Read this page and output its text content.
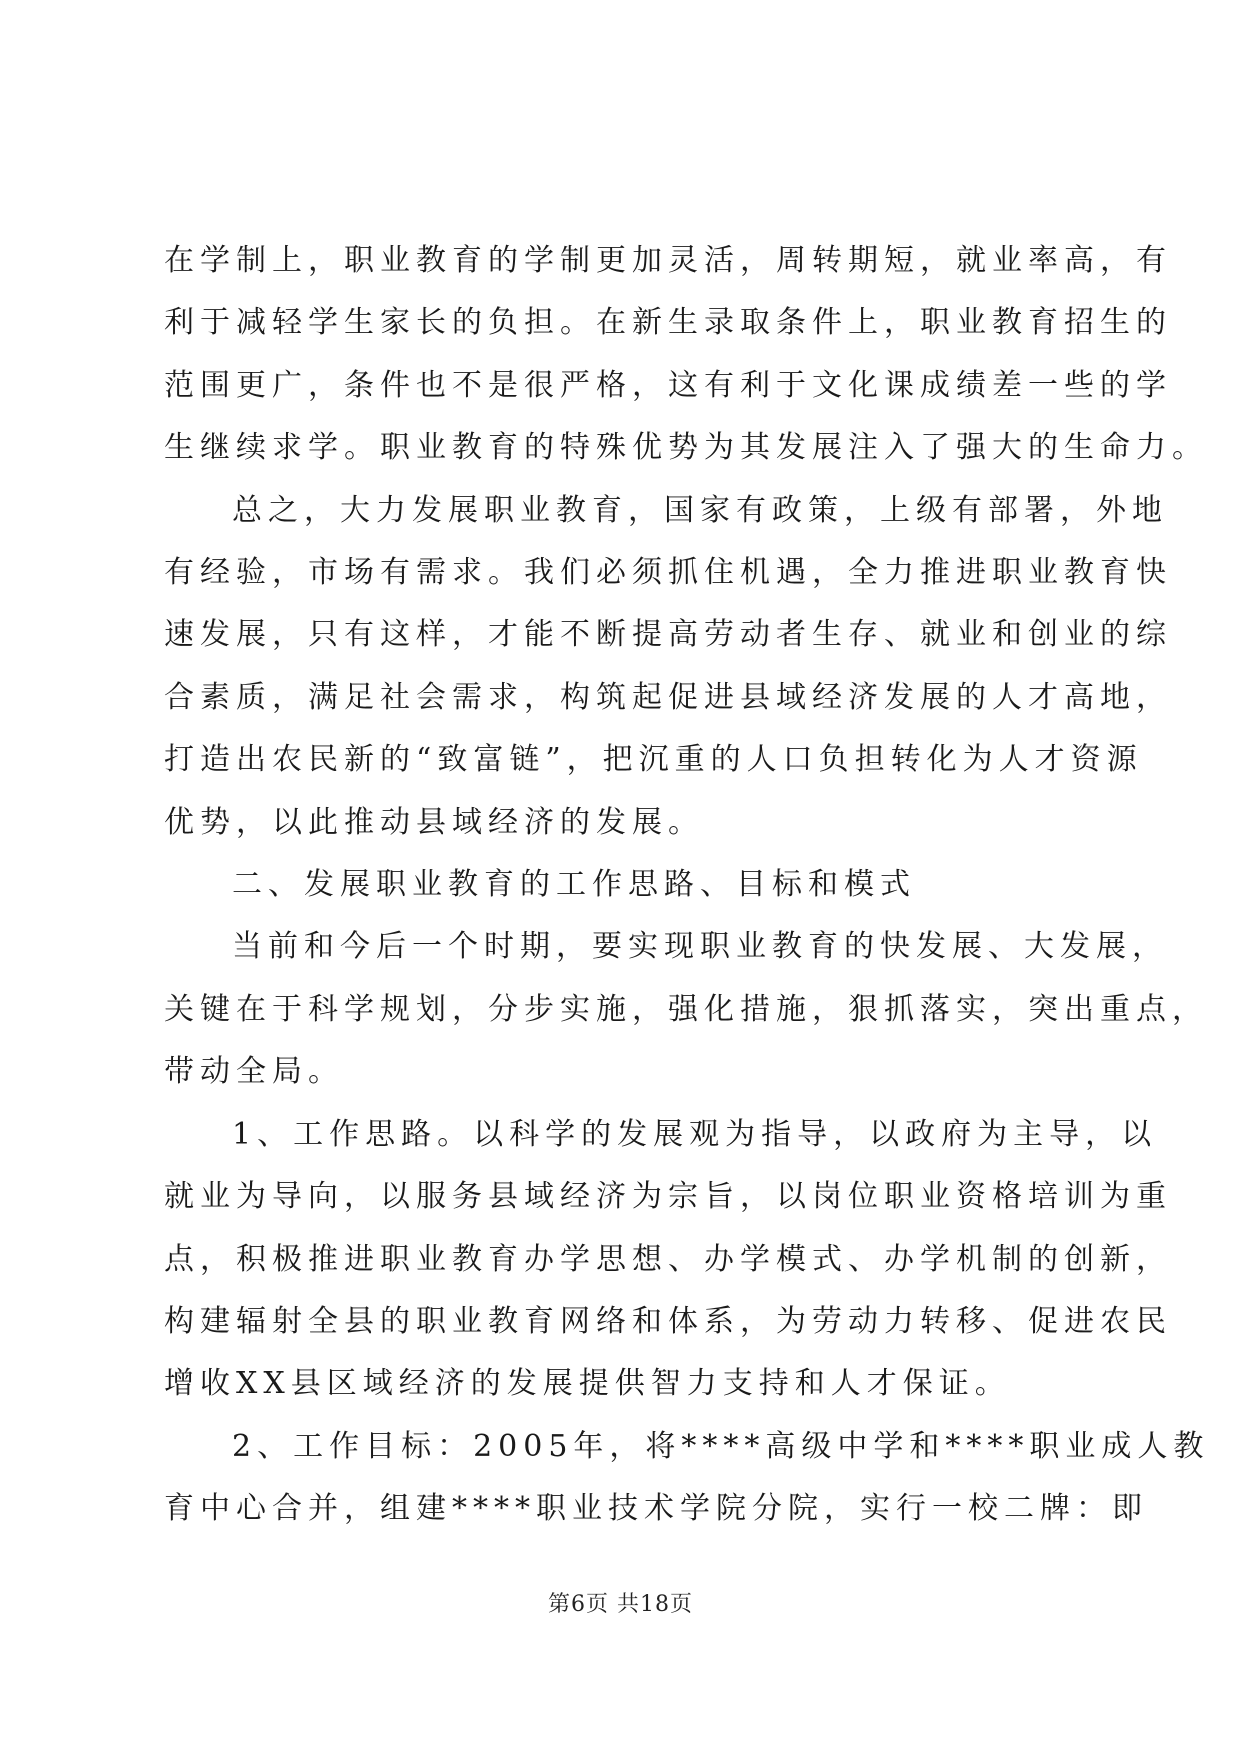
在学制上，职业教育的学制更加灵活，周转期短，就业率高，有
利于减轻学生家长的负担。在新生录取条件上，职业教育招生的
范围更广，条件也不是很严格，这有利于文化课成绩差一些的学
生继续求学。职业教育的特殊优势为其发展注入了强大的生命力。

总之，大力发展职业教育，国家有政策，上级有部署，外地
有经验，市场有需求。我们必须抓住机遇，全力推进职业教育快
速发展，只有这样，才能不断提高劳动者生存、就业和创业的综
合素质，满足社会需求，构筑起促进县域经济发展的人才高地，
打造出农民新的“致富链”，把沉重的人口负担转化为人才资源
优势，以此推动县域经济的发展。

二、发展职业教育的工作思路、目标和模式

当前和今后一个时期，要实现职业教育的快发展、大发展，
关键在于科学规划，分步实施，强化措施，狠抓落实，突出重点，
带动全局。

1、工作思路。以科学的发展观为指导，以政府为主导，以
就业为导向，以服务县域经济为宗旨，以岗位职业资格培训为重
点，积极推进职业教育办学思想、办学模式、办学机制的创新，
构建辐射全县的职业教育网络和体系，为劳动力转移、促进农民
增收XX县区域经济的发展提供智力支持和人才保证。

2、工作目标：2005年，将****高级中学和****职业成人教
育中心合并，组建****职业技术学院分院，实行一校二牌：即

第6页 共18页
